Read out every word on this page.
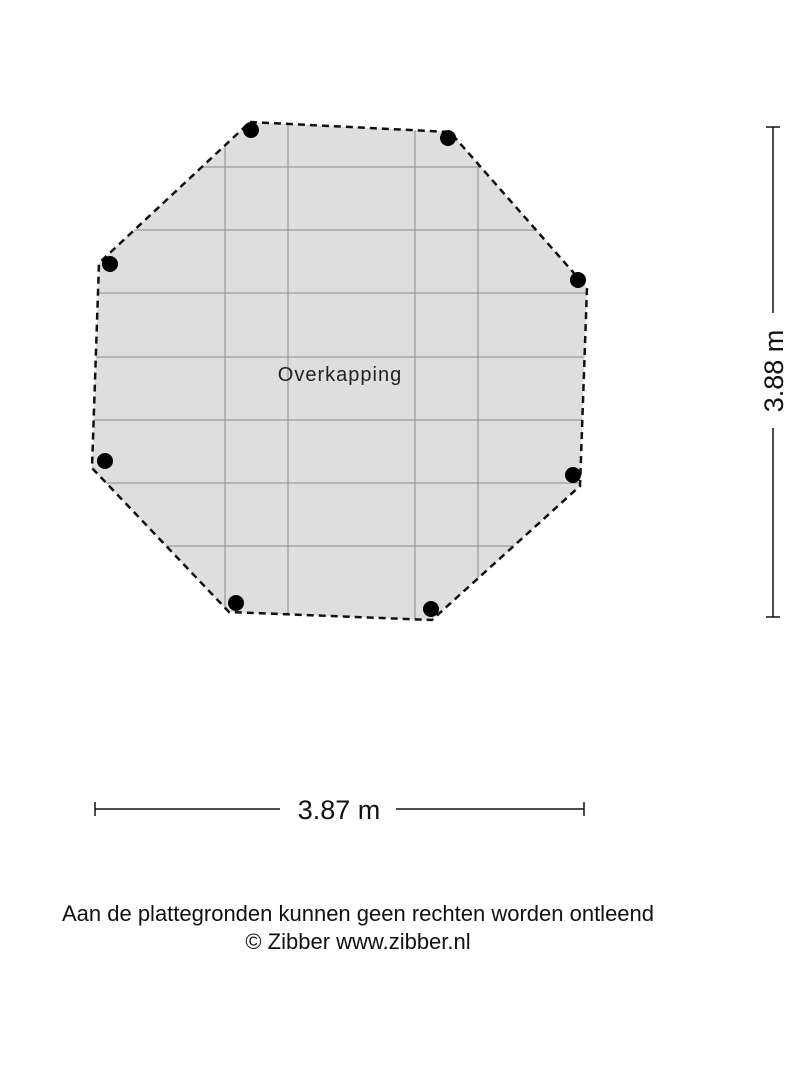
Overkapping
3.87 m
3.88 m
Aan de plattegronden kunnen geen rechten worden ontleend
© Zibber www.zibber.nl
